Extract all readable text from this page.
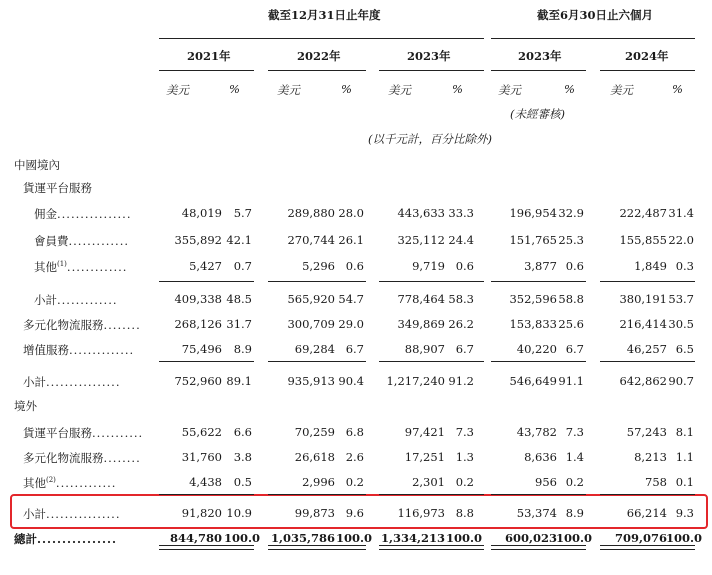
截至12月31日止年度	截至6月30日止六個月
2021年	2022年	2023年	2023年	2024年
美元	%	美元	%	美元	%	美元	%	美元	%
(未經審核)
(以千元計，百分比除外)
中國境內
貨運平台服務
佣金................	48,019	5.7	289,880 28.0	443,633 33.3	196,954 32.9	222,487 31.4
會員費.............	355,892 42.1	270,744 26.1	325,112 24.4	151,765 25.3	155,855 22.0
其他$^{(1)}$.............	5,427	0.7	5,296 0.6	9,719 0.6	3,877 0.6	1,849 0.3
小計.............	409,338 48.5	565,920 54.7	778,464 58.3	352,596 58.8	380,191 53.7
多元化物流服務........	268,126 31.7	300,709 29.0	349,869 26.2	153,833 25.6	216,414 30.5
增值服務..............	75,496	8.9	69,284 6.7	88,907 6.7	40,220 6.7	46,257 6.5
小計................	752,960 89.1	935,913 90.4	1,217,240 91.2	546,649 91.1	642,862 90.7
貨運平台服務...........	55,622	6.6	70,259 6.8	97,421 7.3	43,782 7.3	57,243 8.1
多元化物流服務........	31,760	3.8	26,618 2.6	17,251 1.3	8,636 1.4	8,213 1.1
其他$^{(2)}$.............	4,438	0.5	2,996 0.2	2,301 0.2	956 0.2	758 0.1
小計................	91,820 10.9	99,873 9.6	116,973 8.8	53,374 8.9	66,214 9.3
總計................	844,780 100.0 1,035,786 100.0 1,334,213 100.0	600,023 100.0	709,076 100.0
境外
